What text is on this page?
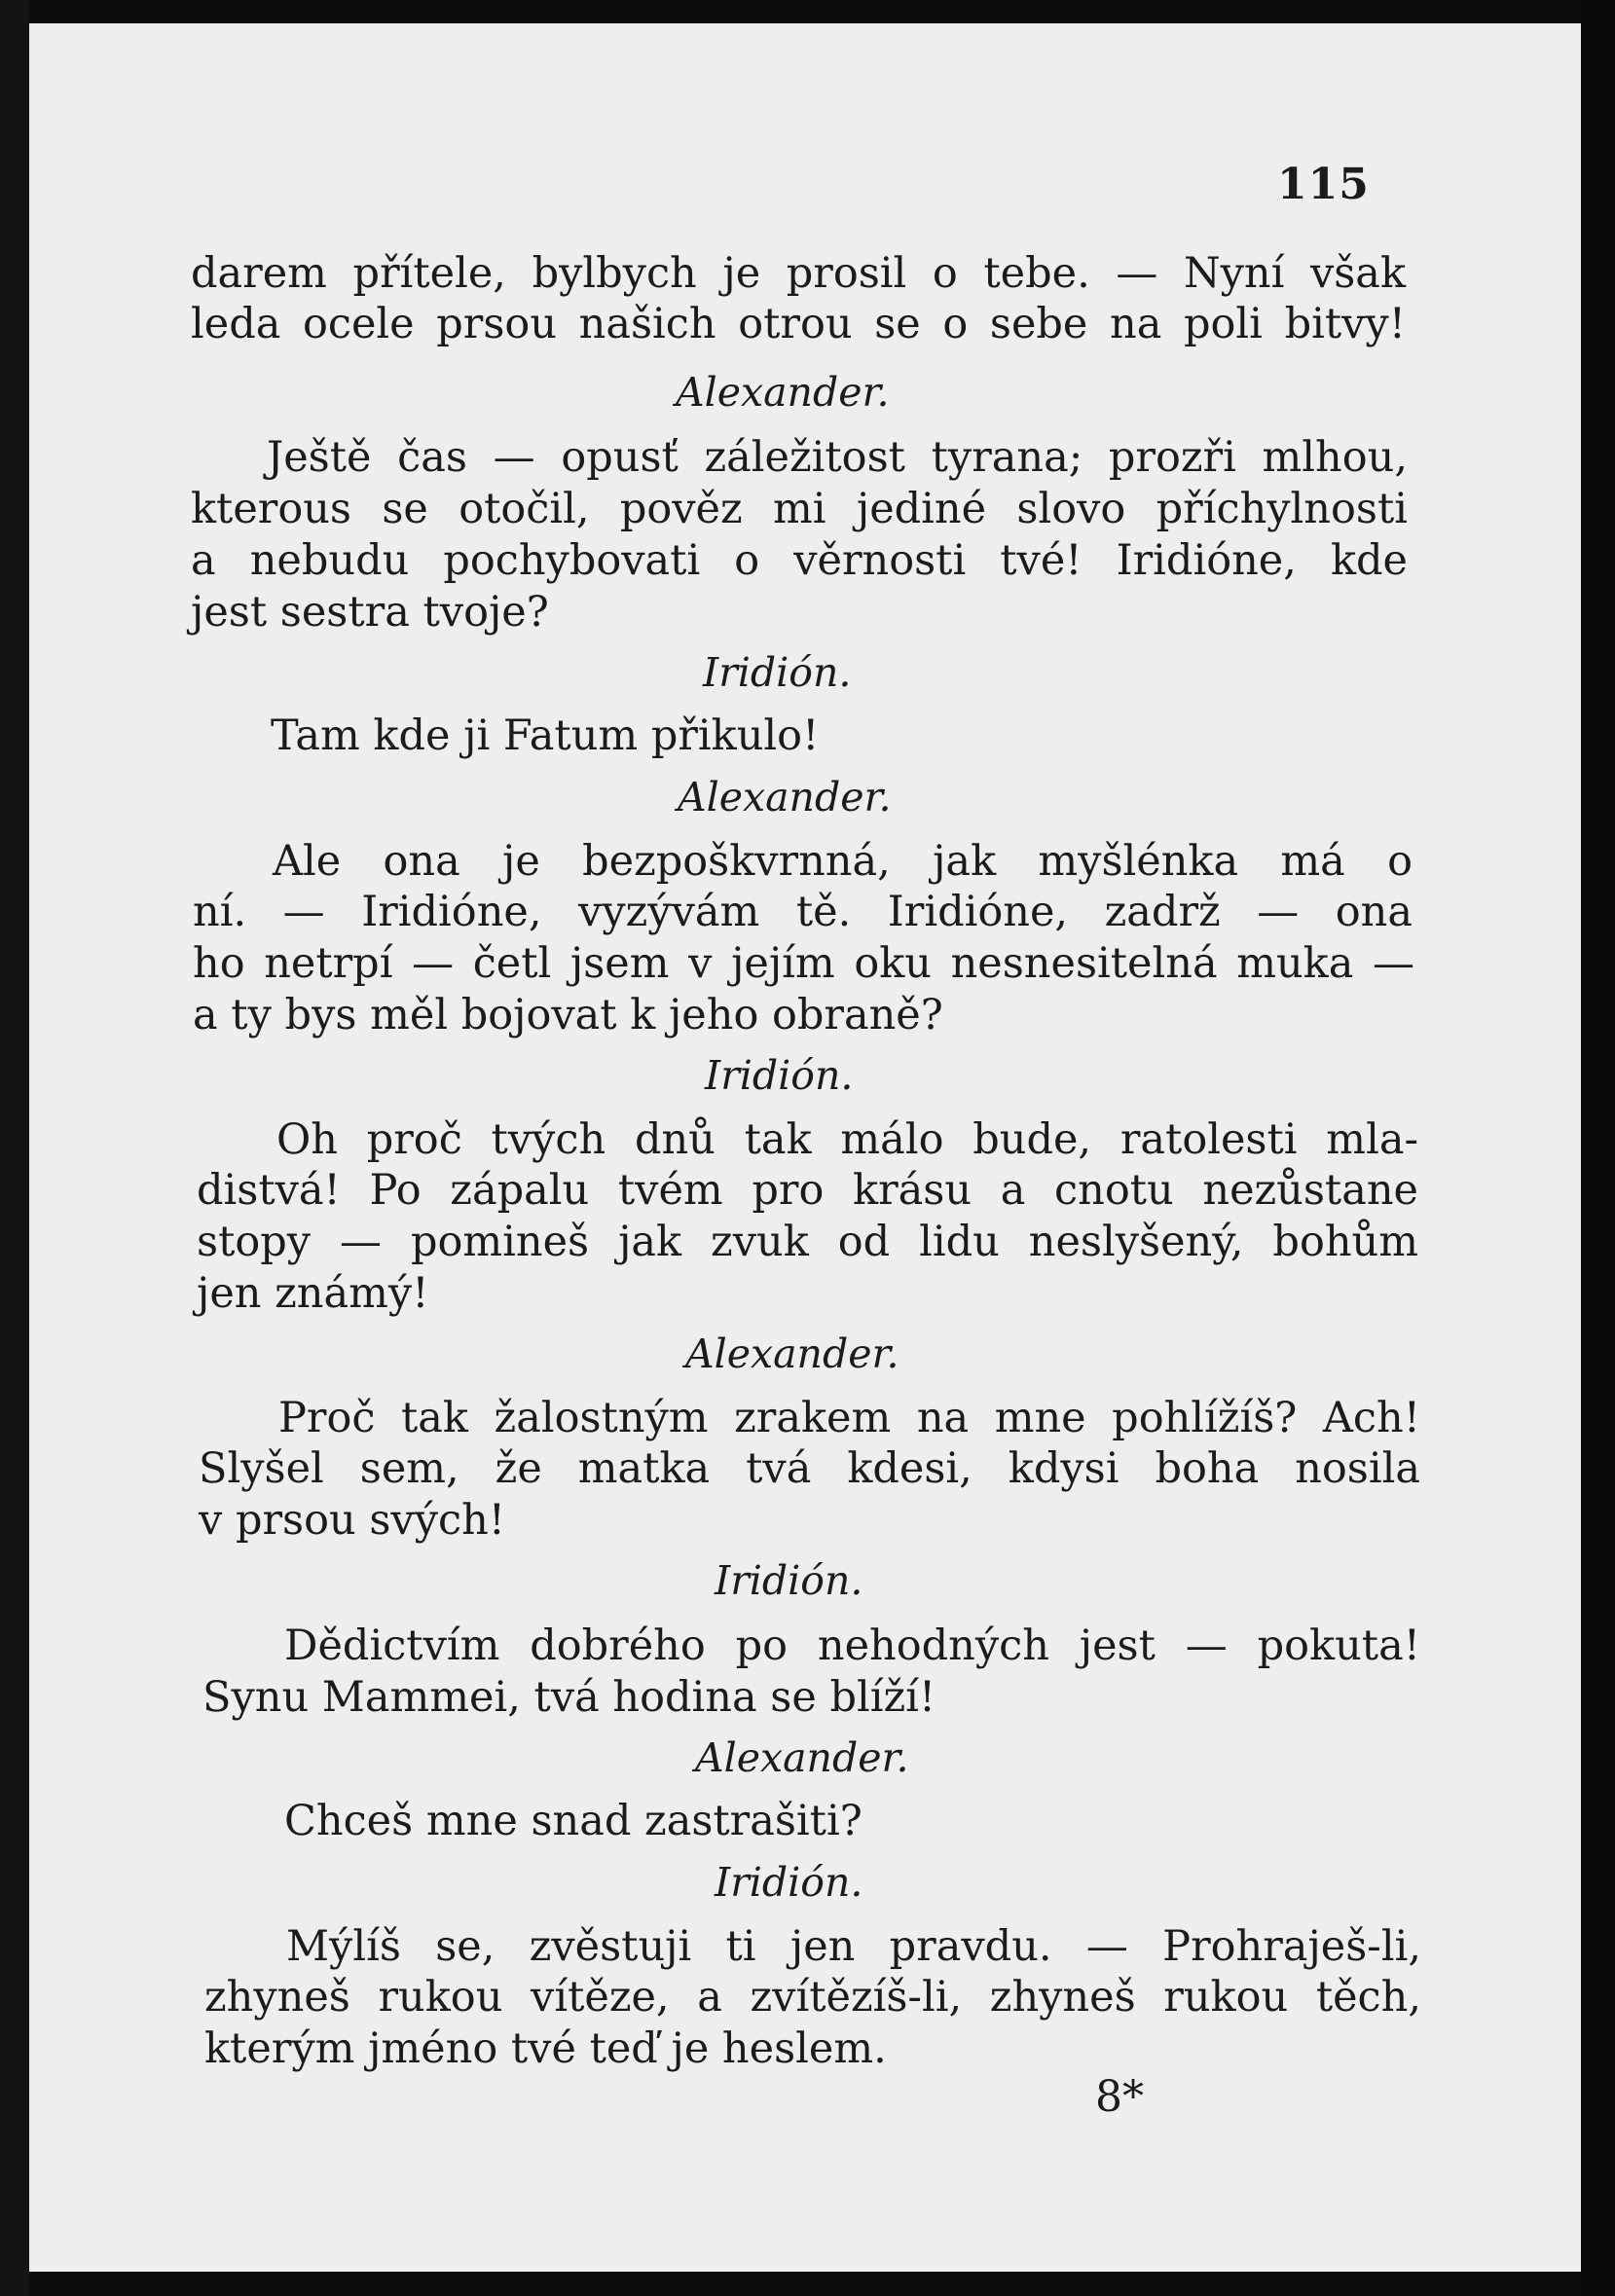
115
darem přítele, bylbych je prosil o tebe. — Nyní však
leda ocele prsou našich otrou se o sebe na poli bitvy!
Alexander.
Ještě čas — opusť záležitost tyrana; prozři mlhou,
kterous se otočil, pověz mi jediné slovo příchylnosti
a nebudu pochybovati o věrnosti tvé! Iridióne, kde
jest sestra tvoje?
Iridión.
Tam kde ji Fatum přikulo!
Alexander.
Ale ona je bezpoškvrnná, jak myšlénka má o
ní. — Iridióne, vyzývám tě. Iridióne, zadrž — ona
ho netrpí — četl jsem v jejím oku nesnesitelná muka —
a ty bys měl bojovat k jeho obraně?
Iridión.
Oh proč tvých dnů tak málo bude, ratolesti mla-
distvá! Po zápalu tvém pro krásu a cnotu nezůstane
stopy — pomineš jak zvuk od lidu neslyšený, bohům
jen známý!
Alexander.
Proč tak žalostným zrakem na mne pohlížíš? Ach!
Slyšel sem, že matka tvá kdesi, kdysi boha nosila
v prsou svých!
Iridión.
Dědictvím dobrého po nehodných jest — pokuta!
Synu Mammei, tvá hodina se blíží!
Alexander.
Chceš mne snad zastrašiti?
Iridión.
Mýlíš se, zvěstuji ti jen pravdu. — Prohraješ-li,
zhyneš rukou vítěze, a zvítězíš-li, zhyneš rukou těch,
kterým jméno tvé teď je heslem.
8*
